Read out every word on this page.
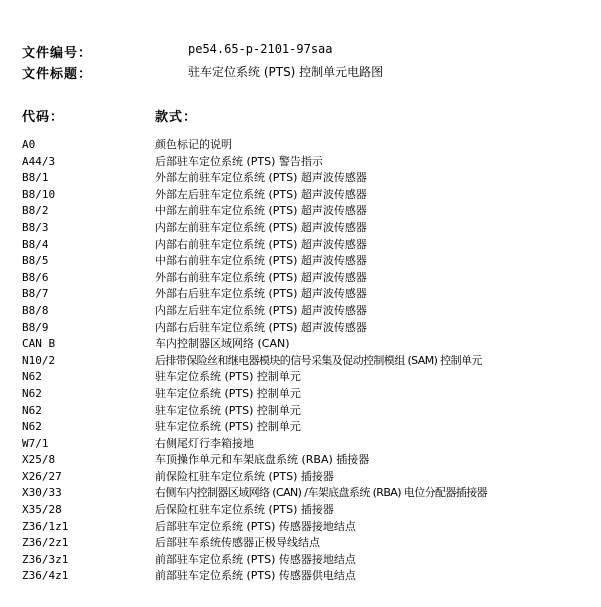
文件编号：	pe54.65-p-2101-97saa
文件标题：	驻车定位系统 (PTS) 控制单元电路图
代码：	款式：
A0	颜色标记的说明
A44/3	后部驻车定位系统 (PTS) 警告指示
B8/1	外部左前驻车定位系统 (PTS) 超声波传感器
B8/10	外部左后驻车定位系统 (PTS) 超声波传感器
B8/2	中部左前驻车定位系统 (PTS) 超声波传感器
B8/3	内部左前驻车定位系统 (PTS) 超声波传感器
B8/4	内部右前驻车定位系统 (PTS) 超声波传感器
B8/5	中部右前驻车定位系统 (PTS) 超声波传感器
B8/6	外部右前驻车定位系统 (PTS) 超声波传感器
B8/7	外部右后驻车定位系统 (PTS) 超声波传感器
B8/8	内部左后驻车定位系统 (PTS) 超声波传感器
B8/9	内部右后驻车定位系统 (PTS) 超声波传感器
CAN B	车内控制器区域网络 (CAN)
N10/2	后排带保险丝和继电器模块的信号采集及促动控制模组 (SAM) 控制单元
N62	驻车定位系统 (PTS) 控制单元
N62	驻车定位系统 (PTS) 控制单元
N62	驻车定位系统 (PTS) 控制单元
N62	驻车定位系统 (PTS) 控制单元
W7/1	右侧尾灯行李箱接地
X25/8	车顶操作单元和车架底盘系统 (RBA) 插接器
X26/27	前保险杠驻车定位系统 (PTS) 插接器
X30/33	右侧车内控制器区域网络 (CAN) /车架底盘系统 (RBA) 电位分配器插接器
X35/28	后保险杠驻车定位系统 (PTS) 插接器
Z36/1z1	后部驻车定位系统 (PTS) 传感器接地结点
Z36/2z1	后部驻车系统传感器正极导线结点
Z36/3z1	前部驻车定位系统 (PTS) 传感器接地结点
Z36/4z1	前部驻车定位系统 (PTS) 传感器供电结点
